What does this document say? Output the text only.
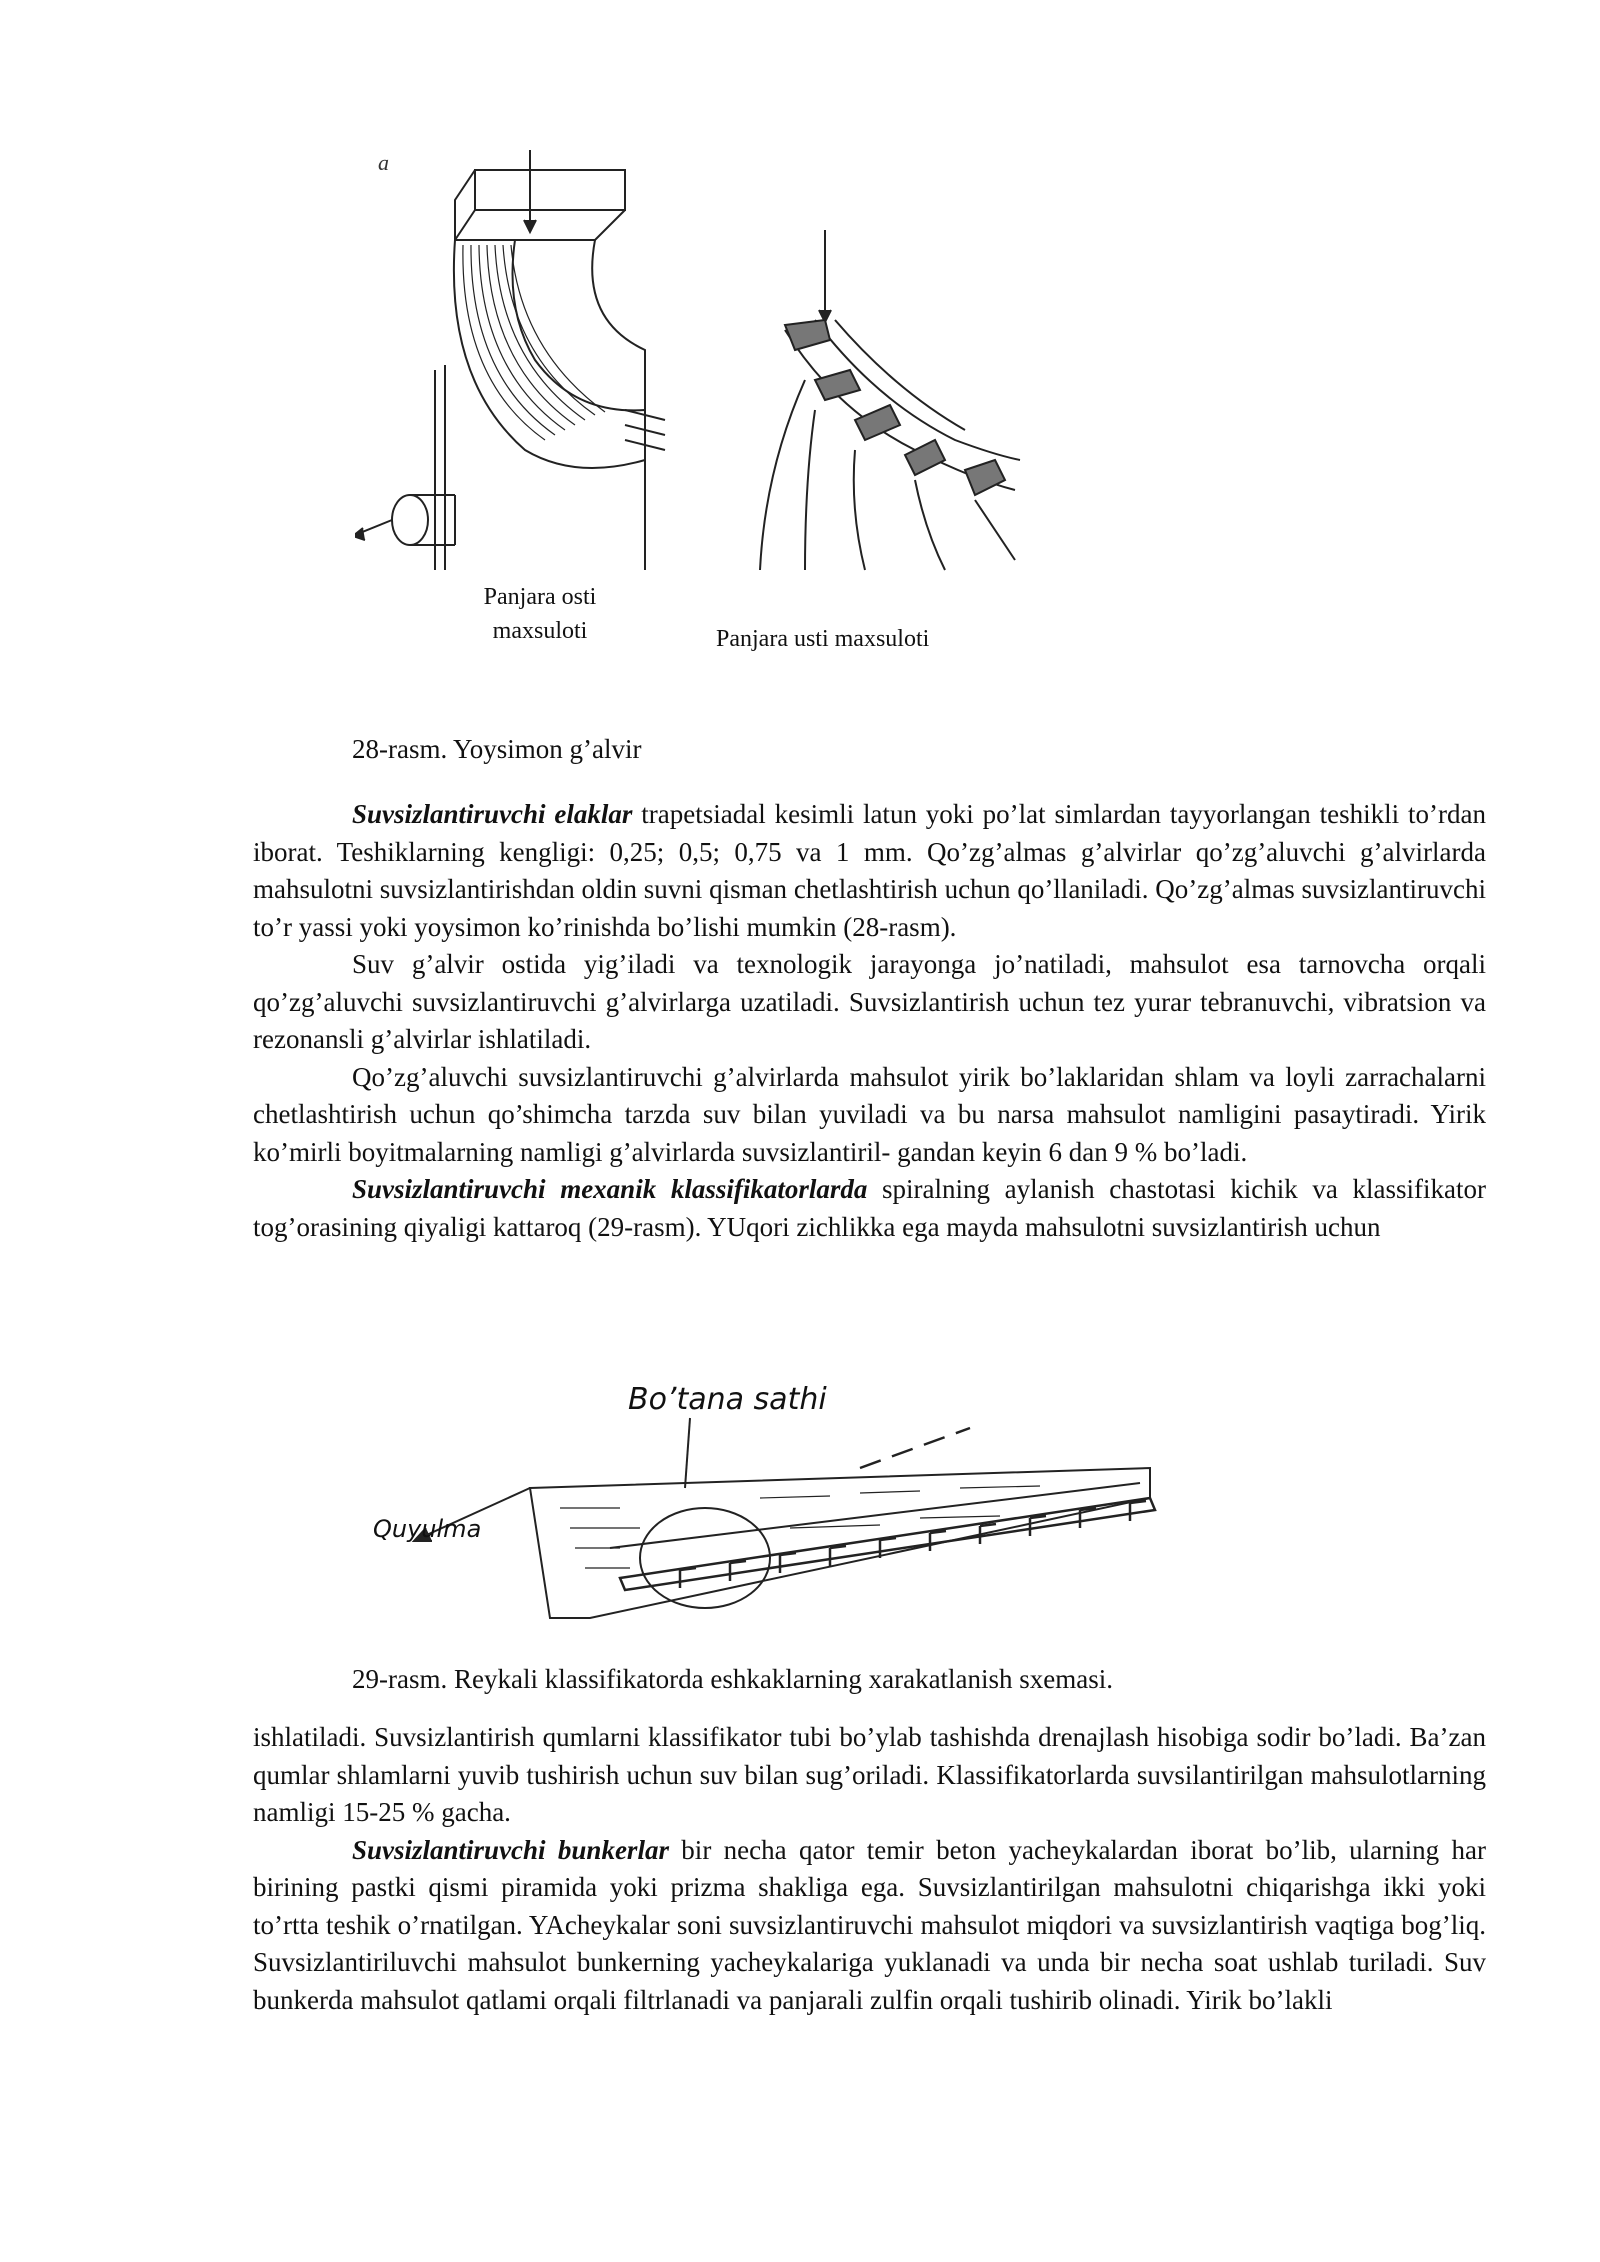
a
Panjara osti maxsuloti	Panjara usti maxsuloti
28-rasm. Yoysimon g’alvir

Suvsizlantiruvchi elaklar trapetsiadal kesimli latun yoki po’lat simlardan tayyorlangan teshikli to’rdan iborat. Teshiklarning kengligi: 0,25; 0,5; 0,75 va 1 mm. Qo’zg’almas g’alvirlar qo’zg’aluvchi g’alvirlarda mahsulotni suvsizlantirishdan oldin suvni qisman chetlashtirish uchun qo’llaniladi. Qo’zg’almas suvsizlantiruvchi to’r yassi yoki yoysimon ko’rinishda bo’lishi mumkin (28-rasm).

Suv g’alvir ostida yig’iladi va texnologik jarayonga jo’natiladi, mahsulot esa tarnovcha orqali qo’zg’aluvchi suvsizlantiruvchi g’alvirlarga uzatiladi. Suvsizlantirish uchun tez yurar tebranuvchi, vibratsion va rezonansli g’alvirlar ishlatiladi.

Qo’zg’aluvchi suvsizlantiruvchi g’alvirlarda mahsulot yirik bo’laklaridan shlam va loyli zarrachalarni chetlashtirish uchun qo’shimcha tarzda suv bilan yuviladi va bu narsa mahsulot namligini pasaytiradi. Yirik ko’mirli boyitmalarning namligi g’alvirlarda suvsizlantiril- gandan keyin 6 dan 9 % bo’ladi.

Suvsizlantiruvchi mexanik klassifikatorlarda spiralning aylanish chastotasi kichik va klassifikator tog’orasining qiyaligi kattaroq (29-rasm). YUqori zichlikka ega mayda mahsulotni suvsizlantirish uchun

Bo’tana sathi
Quyulma
29-rasm. Reykali klassifikatorda eshkaklarning xarakatlanish sxemasi.

ishlatiladi. Suvsizlantirish qumlarni klassifikator tubi bo’ylab tashishda drenajlash hisobiga sodir bo’ladi. Ba’zan qumlar shlamlarni yuvib tushirish uchun suv bilan sug’oriladi. Klassifikatorlarda suvsilantirilgan mahsulotlarning namligi 15-25 % gacha.

Suvsizlantiruvchi bunkerlar bir necha qator temir beton yacheykalardan iborat bo’lib, ularning har birining pastki qismi piramida yoki prizma shakliga ega. Suvsizlantirilgan mahsulotni chiqarishga ikki yoki to’rtta teshik o’rnatilgan. YAcheykalar soni suvsizlantiruvchi mahsulot miqdori va suvsizlantirish vaqtiga bog’liq. Suvsizlantiriluvchi mahsulot bunkerning yacheykalariga yuklanadi va unda bir necha soat ushlab turiladi. Suv bunkerda mahsulot qatlami orqali filtrlanadi va panjarali zulfin orqali tushirib olinadi. Yirik bo’lakli
